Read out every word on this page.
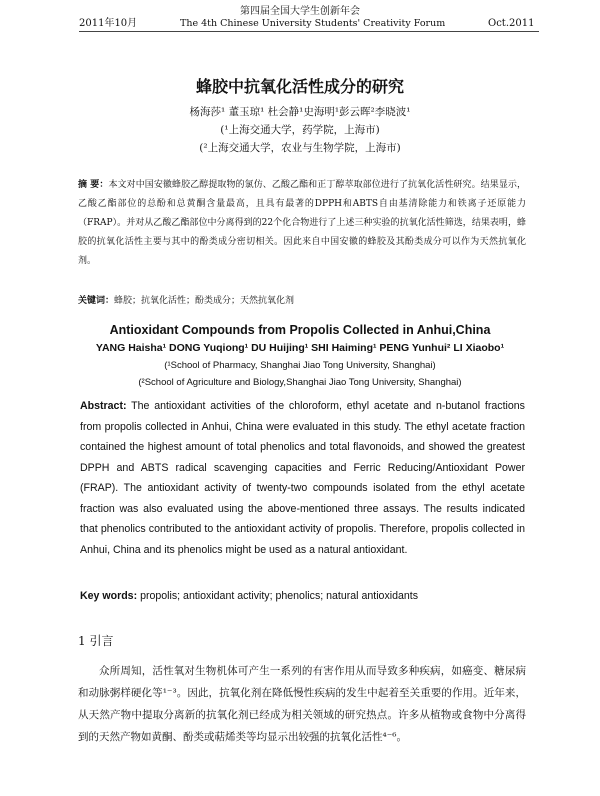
2011年10月
第四届全国大学生创新年会
The 4th Chinese University Students' Creativity Forum	Oct.2011
蜂胶中抗氧化活性成分的研究
杨海莎¹ 董玉琼¹ 杜会静¹史海明¹彭云晖²李晓波¹
(¹上海交通大学，药学院，上海市)
(²上海交通大学，农业与生物学院，上海市)
摘 要：本文对中国安徽蜂胶乙醇提取物的氯仿、乙酸乙酯和正丁醇萃取部位进行了抗氧化活性研究。结果显示，乙酸乙酯部位的总酚和总黄酮含量最高，且具有最著的DPPH和ABTS自由基清除能力和铁离子还原能力（FRAP）。并对从乙酸乙酯部位中分离得到的22个化合物进行了上述三种实验的抗氧化活性筛选，结果表明，蜂胶的抗氧化活性主要与其中的酚类成分密切相关。因此来自中国安徽的蜂胶及其酚类成分可以作为天然抗氧化剂。
关键词：蜂胶；抗氧化活性；酚类成分；天然抗氧化剂
Antioxidant Compounds from Propolis Collected in Anhui,China
YANG Haisha¹ DONG Yuqiong¹ DU Huijing¹ SHI Haiming¹ PENG Yunhui² LI Xiaobo¹
(¹School of Pharmacy, Shanghai Jiao Tong University, Shanghai)
(²School of Agriculture and Biology,Shanghai Jiao Tong University, Shanghai)
Abstract: The antioxidant activities of the chloroform, ethyl acetate and n-butanol fractions from propolis collected in Anhui, China were evaluated in this study. The ethyl acetate fraction contained the highest amount of total phenolics and total flavonoids, and showed the greatest DPPH and ABTS radical scavenging capacities and Ferric Reducing/Antioxidant Power (FRAP). The antioxidant activity of twenty-two compounds isolated from the ethyl acetate fraction was also evaluated using the above-mentioned three assays. The results indicated that phenolics contributed to the antioxidant activity of propolis. Therefore, propolis collected in Anhui, China and its phenolics might be used as a natural antioxidant.
Key words: propolis; antioxidant activity; phenolics; natural antioxidants
1 引言
众所周知，活性氧对生物机体可产生一系列的有害作用从而导致多种疾病，如癌变、糖尿病和动脉粥样硬化等¹⁻³。因此，抗氧化剂在降低慢性疾病的发生中起着至关重要的作用。近年来，从天然产物中提取分离新的抗氧化剂已经成为相关领域的研究热点。许多从植物或食物中分离得到的天然产物如黄酮、酚类或萜烯类等均显示出较强的抗氧化活性⁴⁻⁶。
